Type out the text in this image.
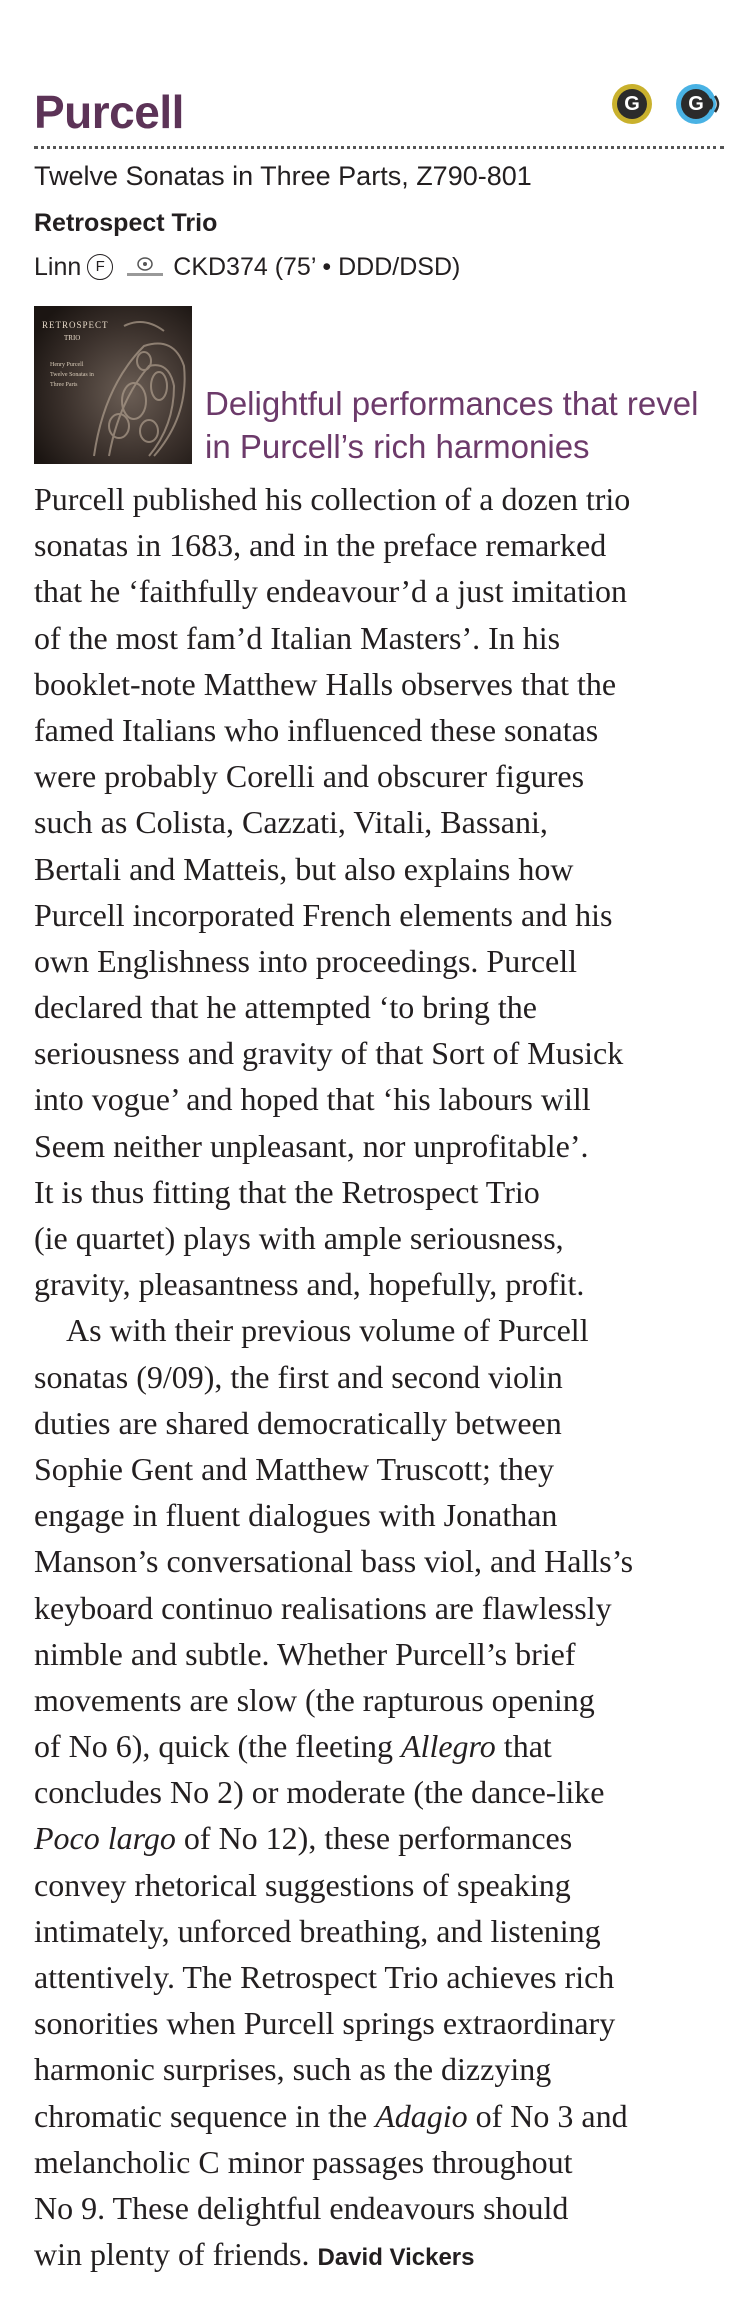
Purcell	G	G
Twelve Sonatas in Three Parts, Z790-801
Retrospect Trio
Linn F	CKD374 (75’ • DDD/DSD)
RETROSPECT
TRIO
Henry Purcell
Twelve Sonatas in
Three Parts	Delightful performances that revel in Purcell’s rich harmonies
Purcell published his collection of a dozen trio
sonatas in 1683, and in the preface remarked
that he ‘faithfully endeavour’d a just imitation
of the most fam’d Italian Masters’. In his
booklet-note Matthew Halls observes that the
famed Italians who influenced these sonatas
were probably Corelli and obscurer figures
such as Colista, Cazzati, Vitali, Bassani,
Bertali and Matteis, but also explains how
Purcell incorporated French elements and his
own Englishness into proceedings. Purcell
declared that he attempted ‘to bring the
seriousness and gravity of that Sort of Musick
into vogue’ and hoped that ‘his labours will
Seem neither unpleasant, nor unprofitable’.
It is thus fitting that the Retrospect Trio
(ie quartet) plays with ample seriousness,
gravity, pleasantness and, hopefully, profit.
As with their previous volume of Purcell
sonatas (9/09), the first and second violin
duties are shared democratically between
Sophie Gent and Matthew Truscott; they
engage in fluent dialogues with Jonathan
Manson’s conversational bass viol, and Halls’s
keyboard continuo realisations are flawlessly
nimble and subtle. Whether Purcell’s brief
movements are slow (the rapturous opening
of No 6), quick (the fleeting Allegro that
concludes No 2) or moderate (the dance-like
Poco largo of No 12), these performances
convey rhetorical suggestions of speaking
intimately, unforced breathing, and listening
attentively. The Retrospect Trio achieves rich
sonorities when Purcell springs extraordinary
harmonic surprises, such as the dizzying
chromatic sequence in the Adagio of No 3 and
melancholic C minor passages throughout
No 9. These delightful endeavours should
win plenty of friends. David Vickers
